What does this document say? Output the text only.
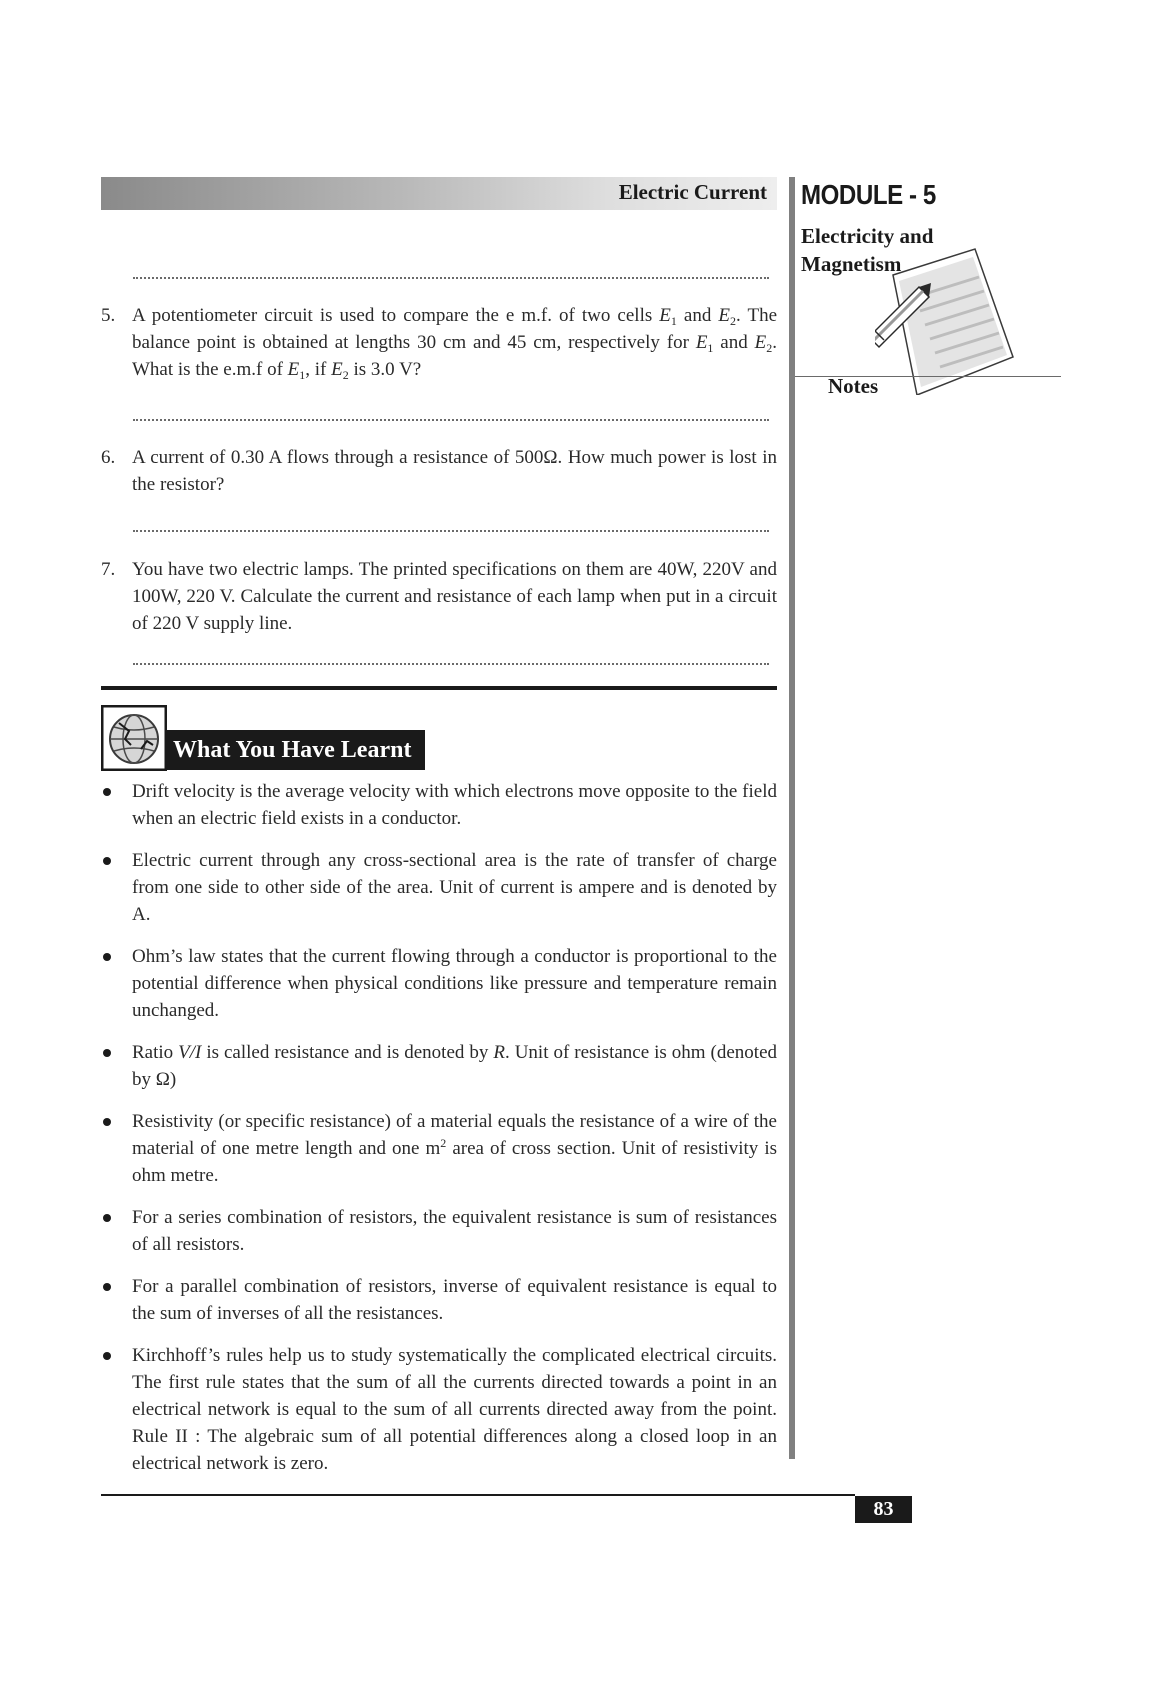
Electric Current MODULE - 5
Electricity and
Magnetism
Notes
5. A potentiometer circuit is used to compare the e m.f. of two cells $E_1$ and $E_2$. The balance point is obtained at lengths 30 cm and 45 cm, respectively for $E_1$ and $E_2$. What is the e.m.f of $E_1$, if $E_2$ is 3.0 V?
6. A current of 0.30 A flows through a resistance of 500Ω. How much power is lost in the resistor?
7. You have two electric lamps. The printed specifications on them are 40W, 220V and 100W, 220 V. Calculate the current and resistance of each lamp when put in a circuit of 220 V supply line.
What You Have Learnt
Drift velocity is the average velocity with which electrons move opposite to the field when an electric field exists in a conductor.
Electric current through any cross-sectional area is the rate of transfer of charge from one side to other side of the area. Unit of current is ampere and is denoted by A.
Ohm’s law states that the current flowing through a conductor is proportional to the potential difference when physical conditions like pressure and temperature remain unchanged.
Ratio V/I is called resistance and is denoted by R. Unit of resistance is ohm (denoted by Ω)
Resistivity (or specific resistance) of a material equals the resistance of a wire of the material of one metre length and one $m^2$ area of cross section. Unit of resistivity is ohm metre.
For a series combination of resistors, the equivalent resistance is sum of resistances of all resistors.
For a parallel combination of resistors, inverse of equivalent resistance is equal to the sum of inverses of all the resistances.
Kirchhoff’s rules help us to study systematically the complicated electrical circuits. The first rule states that the sum of all the currents directed towards a point in an electrical network is equal to the sum of all currents directed away from the point. Rule II : The algebraic sum of all potential differences along a closed loop in an electrical network is zero.
83
